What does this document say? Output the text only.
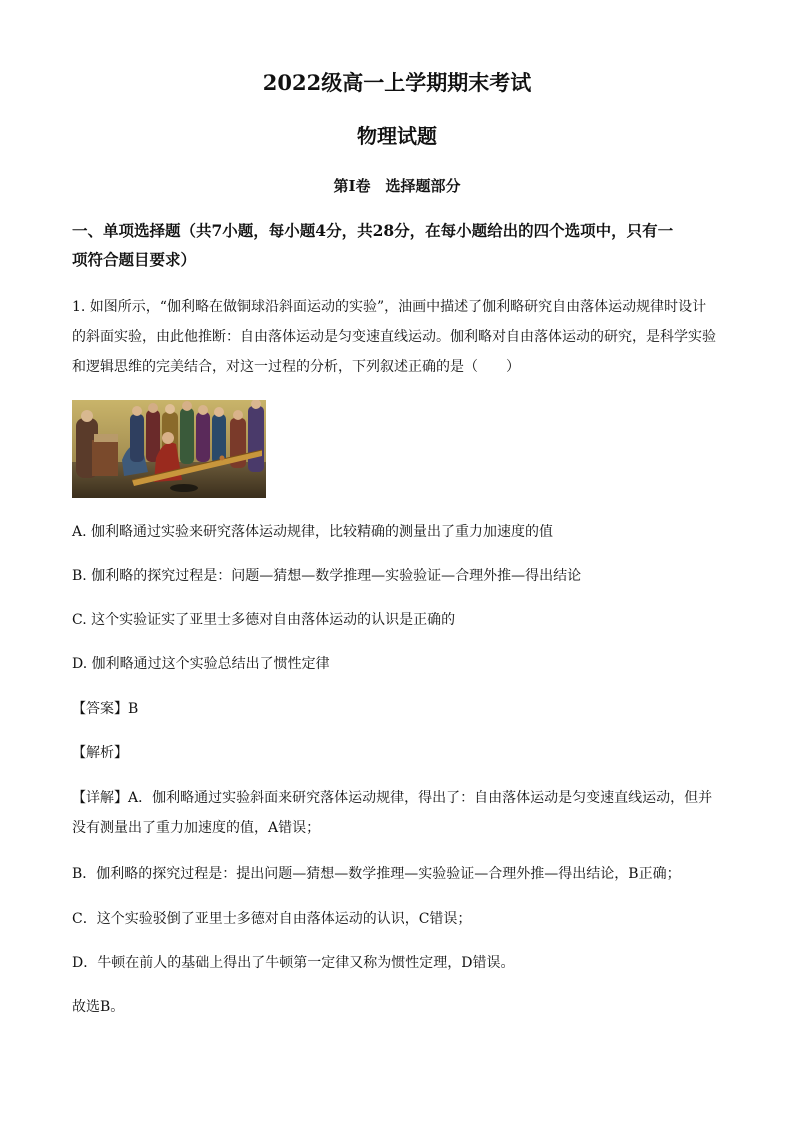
2022级高一上学期期末考试
物理试题
第Ⅰ卷　选择题部分
一、单项选择题（共7小题，每小题4分，共28分，在每小题给出的四个选项中，只有一
项符合题目要求）
1. 如图所示，“伽利略在做铜球沿斜面运动的实验”，油画中描述了伽利略研究自由落体运动规律时设计
的斜面实验，由此他推断：自由落体运动是匀变速直线运动。伽利略对自由落体运动的研究，是科学实验
和逻辑思维的完美结合，对这一过程的分析，下列叙述正确的是（　　）
A. 伽利略通过实验来研究落体运动规律，比较精确的测量出了重力加速度的值
B. 伽利略的探究过程是：问题—猜想—数学推理—实验验证—合理外推—得出结论
C. 这个实验证实了亚里士多德对自由落体运动的认识是正确的
D. 伽利略通过这个实验总结出了惯性定律
【答案】B
【解析】
【详解】A．伽利略通过实验斜面来研究落体运动规律，得出了：自由落体运动是匀变速直线运动，但并
没有测量出了重力加速度的值，A错误；
B．伽利略的探究过程是：提出问题—猜想—数学推理—实验验证—合理外推—得出结论，B正确；
C．这个实验驳倒了亚里士多德对自由落体运动的认识，C错误；
D．牛顿在前人的基础上得出了牛顿第一定律又称为惯性定理，D错误。
故选B。
